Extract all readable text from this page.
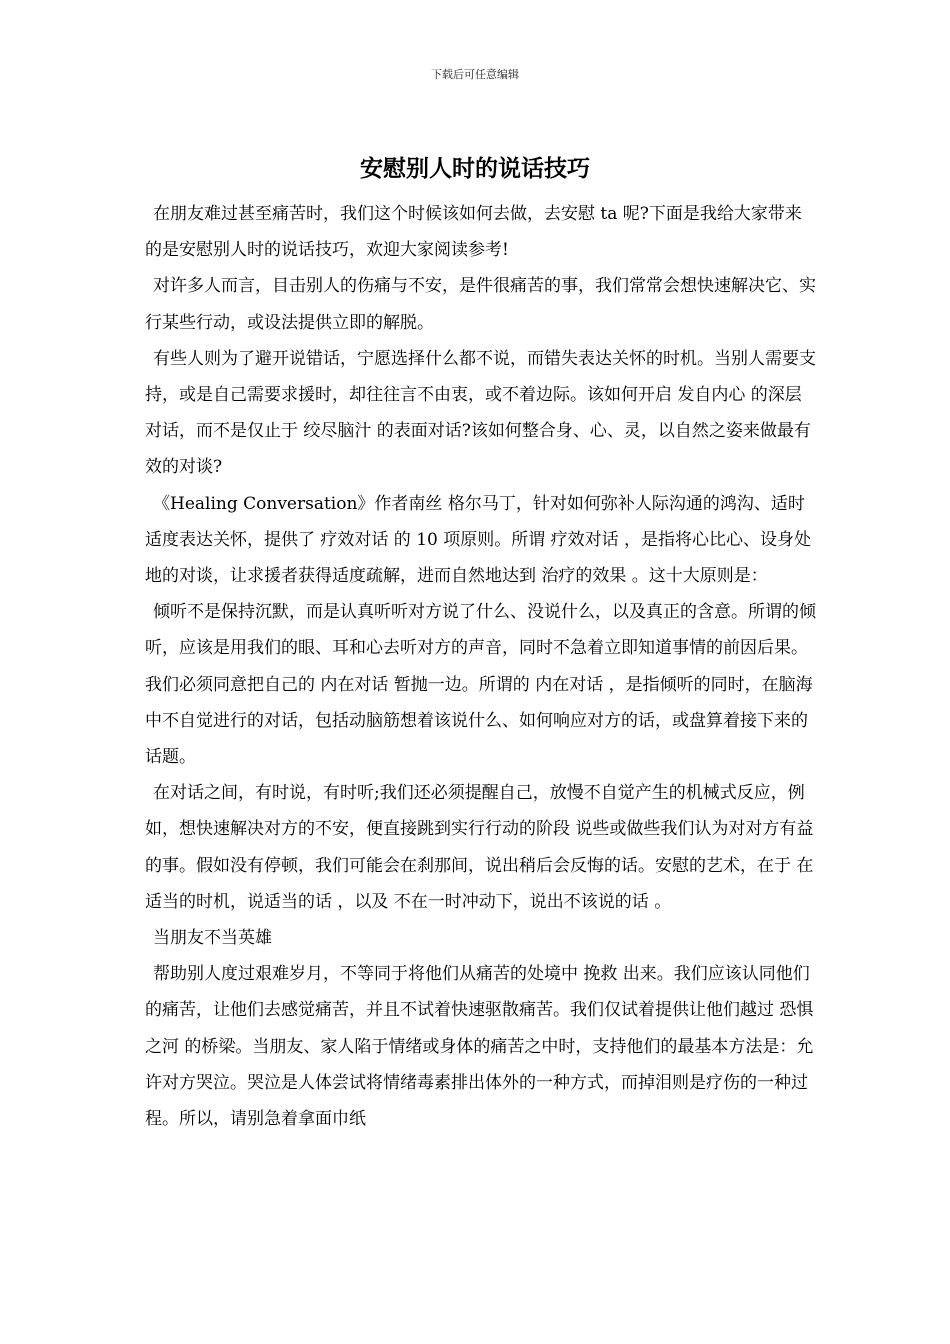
下载后可任意编辑
安慰别人时的说话技巧

在朋友难过甚至痛苦时，我们这个时候该如何去做，去安慰 ta 呢?下面是我给大家带来的是安慰别人时的说话技巧，欢迎大家阅读参考!

对许多人而言，目击别人的伤痛与不安，是件很痛苦的事，我们常常会想快速解决它、实行某些行动，或设法提供立即的解脱。

有些人则为了避开说错话，宁愿选择什么都不说，而错失表达关怀的时机。当别人需要支持，或是自己需要求援时，却往往言不由衷，或不着边际。该如何开启 发自内心 的深层对话，而不是仅止于 绞尽脑汁 的表面对话?该如何整合身、心、灵，以自然之姿来做最有效的对谈?

《Healing Conversation》作者南丝 格尔马丁，针对如何弥补人际沟通的鸿沟、适时适度表达关怀，提供了 疗效对话 的 10 项原则。所谓 疗效对话 ，是指将心比心、设身处地的对谈，让求援者获得适度疏解，进而自然地达到 治疗的效果 。这十大原则是：

倾听不是保持沉默，而是认真听听对方说了什么、没说什么，以及真正的含意。所谓的倾听，应该是用我们的眼、耳和心去听对方的声音，同时不急着立即知道事情的前因后果。我们必须同意把自己的 内在对话 暂抛一边。所谓的 内在对话 ，是指倾听的同时，在脑海中不自觉进行的对话，包括动脑筋想着该说什么、如何响应对方的话，或盘算着接下来的话题。

在对话之间，有时说，有时听;我们还必须提醒自己，放慢不自觉产生的机械式反应，例如，想快速解决对方的不安，便直接跳到实行行动的阶段 说些或做些我们认为对对方有益的事。假如没有停顿，我们可能会在刹那间，说出稍后会反悔的话。安慰的艺术，在于 在适当的时机，说适当的话 ，以及 不在一时冲动下，说出不该说的话 。

当朋友不当英雄

帮助别人度过艰难岁月，不等同于将他们从痛苦的处境中 挽救 出来。我们应该认同他们的痛苦，让他们去感觉痛苦，并且不试着快速驱散痛苦。我们仅试着提供让他们越过 恐惧之河 的桥梁。当朋友、家人陷于情绪或身体的痛苦之中时，支持他们的最基本方法是：允许对方哭泣。哭泣是人体尝试将情绪毒素排出体外的一种方式，而掉泪则是疗伤的一种过程。所以，请别急着拿面巾纸
